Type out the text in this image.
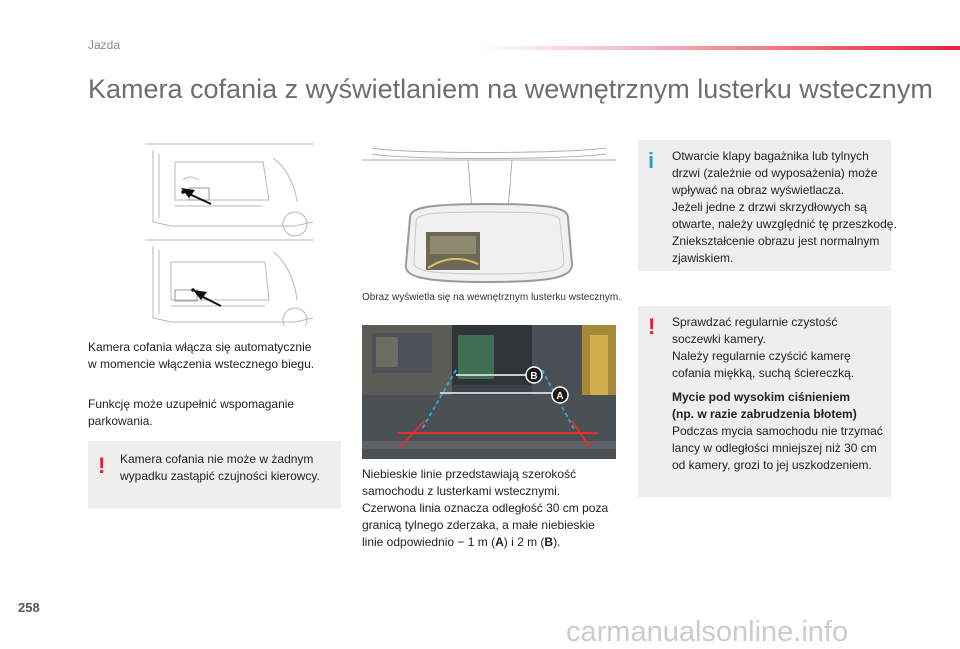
Jazda
Kamera cofania z wyświetlaniem na wewnętrznym lusterku wstecznym
Obraz wyświetla się na wewnętrznym lusterku wstecznym.
B
A

Kamera cofania włącza się automatycznie
w momencie włączenia wstecznego biegu.

Funkcję może uzupełnić wspomaganie
parkowania.

! Kamera cofania nie może w żadnym
wypadku zastąpić czujności kierowcy.	Niebieskie linie przedstawiają szerokość
samochodu z lusterkami wstecznymi.
Czerwona linia oznacza odległość 30 cm poza
granicą tylnego zderzaka, a małe niebieskie
linie odpowiednio − 1 m (A) i 2 m (B).

i Otwarcie klapy bagażnika lub tylnych
drzwi (zależnie od wyposażenia) może
wpływać na obraz wyświetlacza.
Jeżeli jedne z drzwi skrzydłowych są
otwarte, należy uwzględnić tę przeszkodę.
Zniekształcenie obrazu jest normalnym
zjawiskiem.

! Sprawdzać regularnie czystość
soczewki kamery.
Należy regularnie czyścić kamerę
cofania miękką, suchą ściereczką.

Mycie pod wysokim ciśnieniem
(np. w razie zabrudzenia błotem)
Podczas mycia samochodu nie trzymać
lancy w odległości mniejszej niż 30 cm
od kamery, grozi to jej uszkodzeniem.

258
carmanualsonline.info
